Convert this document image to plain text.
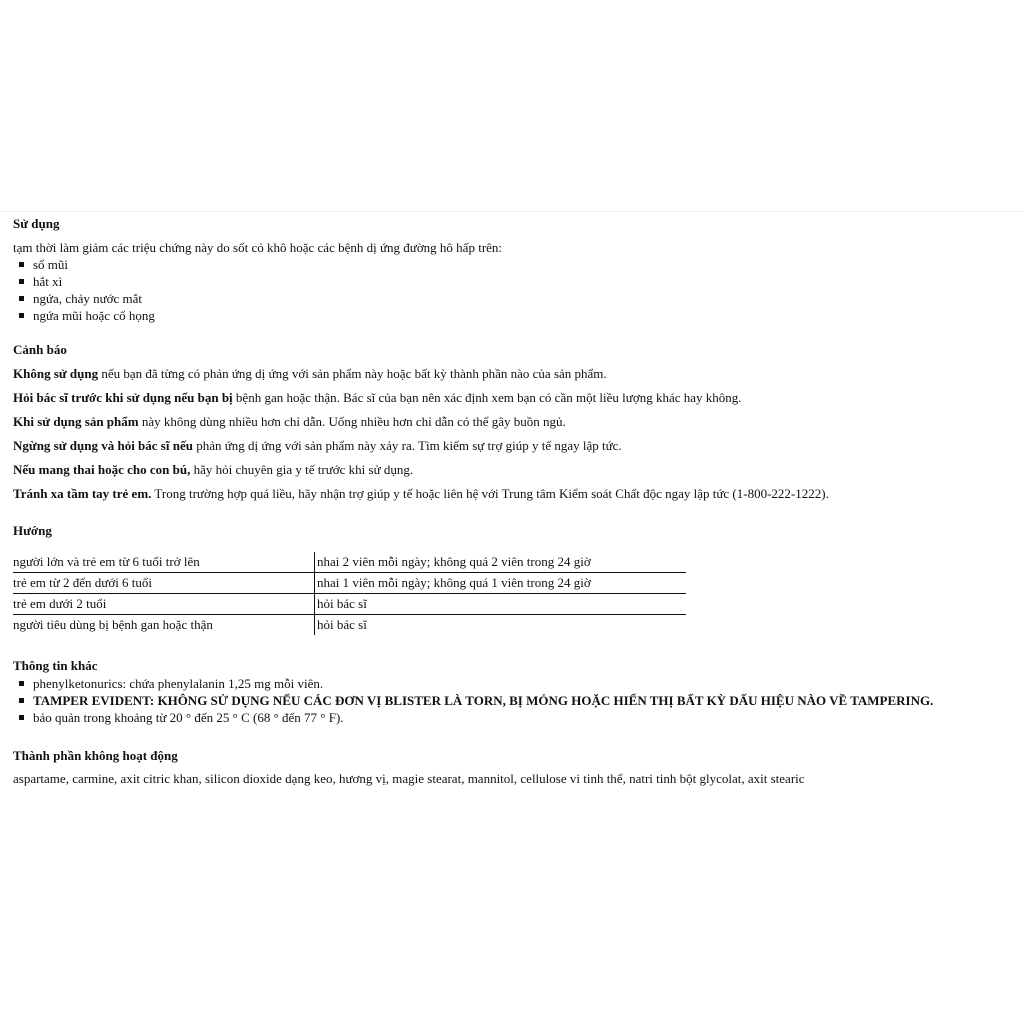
Sử dụng

tạm thời làm giảm các triệu chứng này do sốt cỏ khô hoặc các bệnh dị ứng đường hô hấp trên:

sổ mũi
hắt xì
ngứa, chảy nước mắt
ngứa mũi hoặc cổ họng
Cảnh báo

Không sử dụng nếu bạn đã từng có phản ứng dị ứng với sản phẩm này hoặc bất kỳ thành phần nào của sản phẩm.

Hỏi bác sĩ trước khi sử dụng nếu bạn bị bệnh gan hoặc thận. Bác sĩ của bạn nên xác định xem bạn có cần một liều lượng khác hay không.

Khi sử dụng sản phẩm này không dùng nhiều hơn chỉ dẫn. Uống nhiều hơn chỉ dẫn có thể gây buồn ngủ.

Ngừng sử dụng và hỏi bác sĩ nếu phản ứng dị ứng với sản phẩm này xảy ra. Tìm kiếm sự trợ giúp y tế ngay lập tức.

Nếu mang thai hoặc cho con bú, hãy hỏi chuyên gia y tế trước khi sử dụng.

Tránh xa tầm tay trẻ em. Trong trường hợp quá liều, hãy nhận trợ giúp y tế hoặc liên hệ với Trung tâm Kiểm soát Chất độc ngay lập tức (1-800-222-1222).

Hướng
người lớn và trẻ em từ 6 tuổi trở lên	nhai 2 viên mỗi ngày; không quá 2 viên trong 24 giờ
trẻ em từ 2 đến dưới 6 tuổi	nhai 1 viên mỗi ngày; không quá 1 viên trong 24 giờ
trẻ em dưới 2 tuổi	hỏi bác sĩ
người tiêu dùng bị bệnh gan hoặc thận	hỏi bác sĩ
Thông tin khác
phenylketonurics: chứa phenylalanin 1,25 mg mỗi viên.
TAMPER EVIDENT: KHÔNG SỬ DỤNG NẾU CÁC ĐƠN VỊ BLISTER LÀ TORN, BỊ MỎNG HOẶC HIỂN THỊ BẤT KỲ DẤU HIỆU NÀO VỀ TAMPERING.
bảo quản trong khoảng từ 20 ° đến 25 ° C (68 ° đến 77 ° F).
Thành phần không hoạt động

aspartame, carmine, axit citric khan, silicon dioxide dạng keo, hương vị, magie stearat, mannitol, cellulose vi tinh thể, natri tinh bột glycolat, axit stearic
